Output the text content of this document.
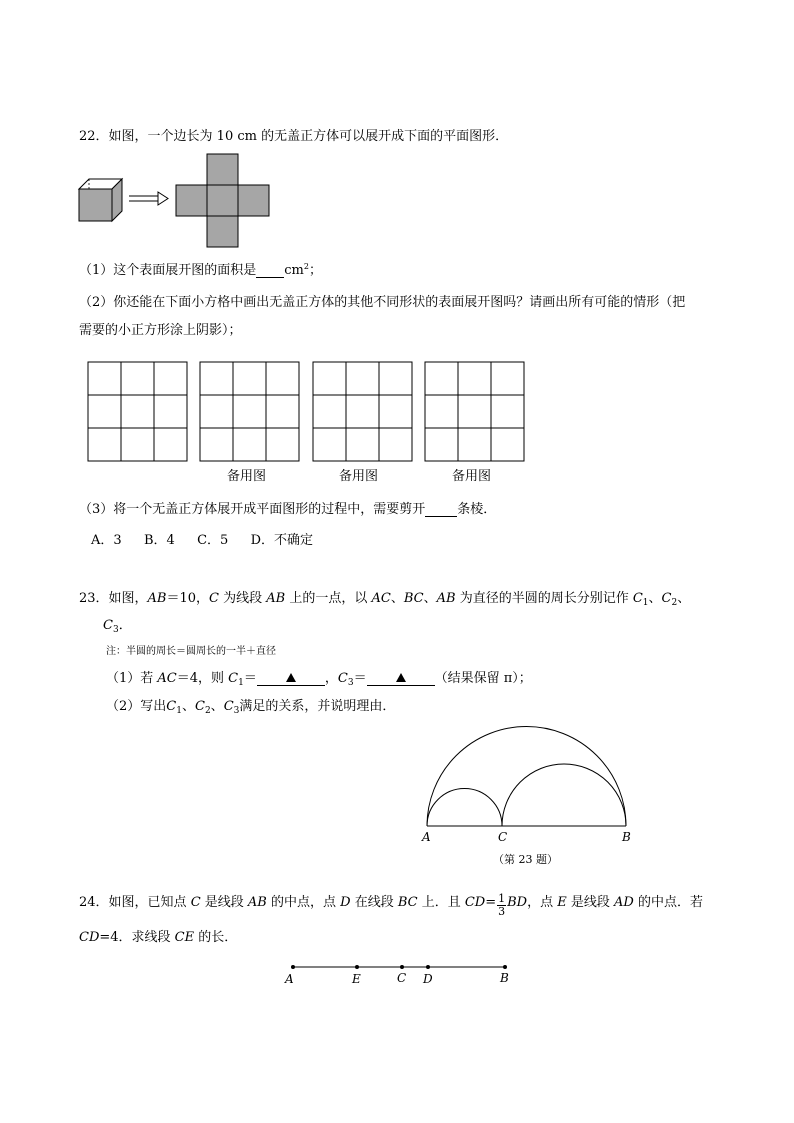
22．如图，一个边长为 10 cm 的无盖正方体可以展开成下面的平面图形．
（1）这个表面展开图的面积是 $cm^2$；
（2）你还能在下面小方格中画出无盖正方体的其他不同形状的表面展开图吗？请画出所有可能的情形（把
需要的小正方形涂上阴影）；
备用图	备用图	备用图
（3）将一个无盖正方体展开成平面图形的过程中，需要剪开 条棱．
A．3 B．4 C．5 D．不确定
23．如图，AB＝10，C 为线段 AB 上的一点，以 AC、BC、AB 为直径的半圆的周长分别记作 $C_1$、$C_2$、
$C_3$．
注：半圆的周长＝圆周长的一半＋直径
（1）若 AC＝4，则 $C_1=$	，$C_3=$	（结果保留 π）；
（2）写出$C_1$、$C_2$、$C_3$满足的关系，并说明理由．
A	C	B
（第 23 题）
24．如图，已知点 C 是线段 AB 的中点，点 D 在线段 BC 上．且 $CD= \frac{1}{3}$ BD，点 E 是线段 AD 的中点．若
CD=4．求线段 CE 的长．
A	E	C D	B
